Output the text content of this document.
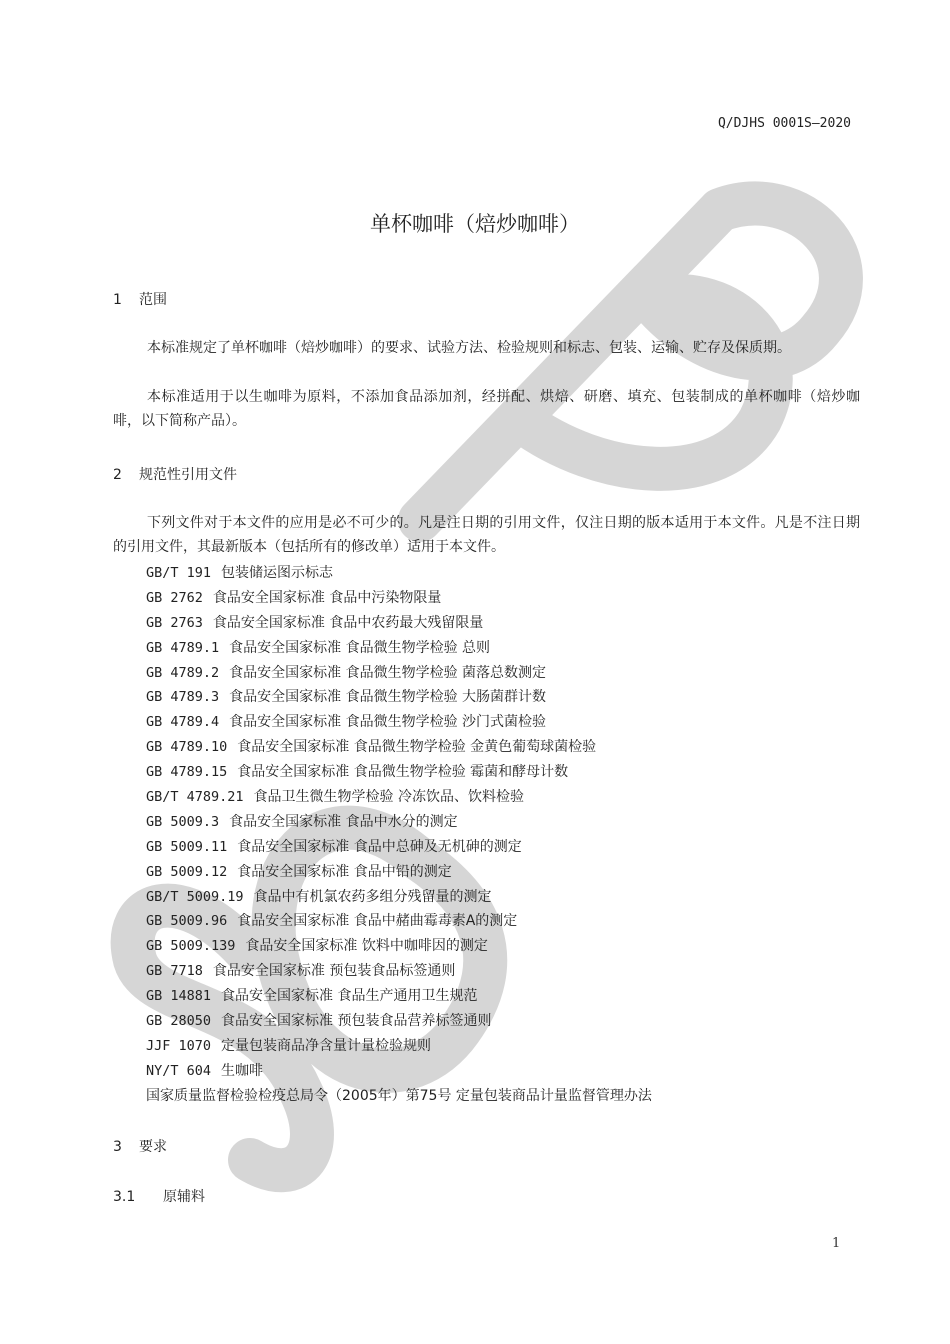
Q/DJHS 0001S—2020
单杯咖啡（焙炒咖啡）
1 范围
本标准规定了单杯咖啡（焙炒咖啡）的要求、试验方法、检验规则和标志、包装、运输、贮存及保质期。
本标准适用于以生咖啡为原料，不添加食品添加剂，经拼配、烘焙、研磨、填充、包装制成的单杯咖啡（焙炒咖啡，以下简称产品）。
2 规范性引用文件
下列文件对于本文件的应用是必不可少的。凡是注日期的引用文件，仅注日期的版本适用于本文件。凡是不注日期的引用文件，其最新版本（包括所有的修改单）适用于本文件。
GB/T 191 包装储运图示标志
GB 2762 食品安全国家标准 食品中污染物限量
GB 2763 食品安全国家标准 食品中农药最大残留限量
GB 4789.1 食品安全国家标准 食品微生物学检验 总则
GB 4789.2 食品安全国家标准 食品微生物学检验 菌落总数测定
GB 4789.3 食品安全国家标准 食品微生物学检验 大肠菌群计数
GB 4789.4 食品安全国家标准 食品微生物学检验 沙门式菌检验
GB 4789.10 食品安全国家标准 食品微生物学检验 金黄色葡萄球菌检验
GB 4789.15 食品安全国家标准 食品微生物学检验 霉菌和酵母计数
GB/T 4789.21 食品卫生微生物学检验 冷冻饮品、饮料检验
GB 5009.3 食品安全国家标准 食品中水分的测定
GB 5009.11 食品安全国家标准 食品中总砷及无机砷的测定
GB 5009.12 食品安全国家标准 食品中铅的测定
GB/T 5009.19 食品中有机氯农药多组分残留量的测定
GB 5009.96 食品安全国家标准 食品中赭曲霉毒素A的测定
GB 5009.139 食品安全国家标准 饮料中咖啡因的测定
GB 7718 食品安全国家标准 预包装食品标签通则
GB 14881 食品安全国家标准 食品生产通用卫生规范
GB 28050 食品安全国家标准 预包装食品营养标签通则
JJF 1070 定量包装商品净含量计量检验规则
NY/T 604 生咖啡
国家质量监督检验检疫总局令（2005年）第75号 定量包装商品计量监督管理办法
3 要求
3.1 原辅料
1
